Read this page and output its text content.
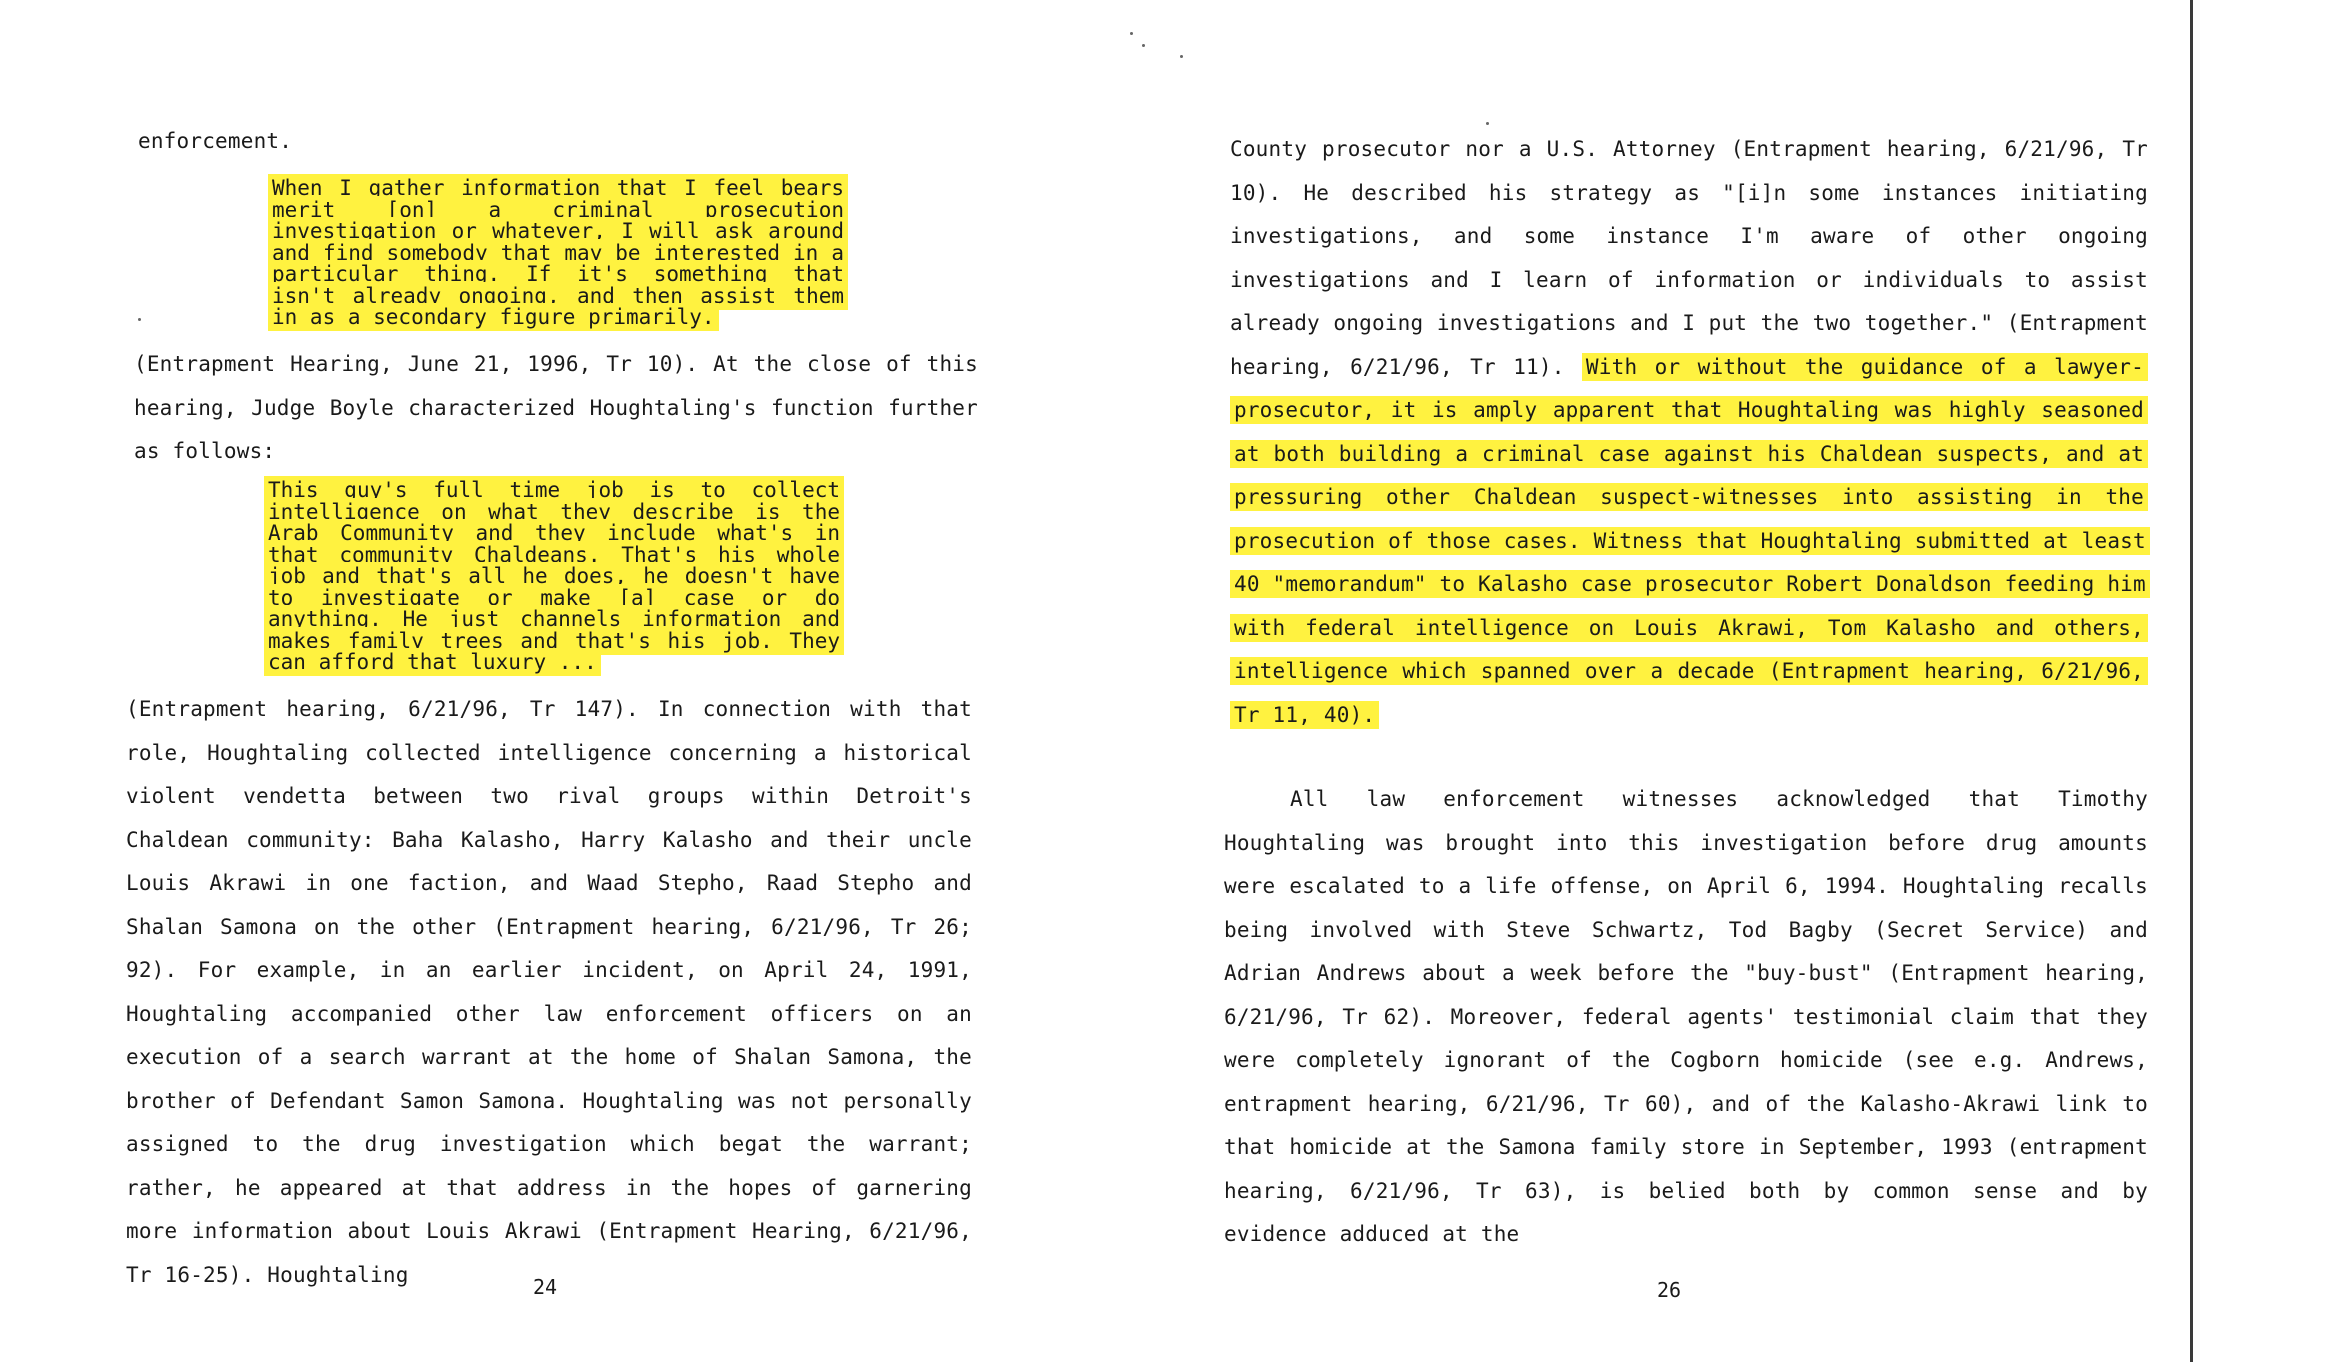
enforcement.

When I gather information that I feel bears merit [on] a criminal prosecution investigation or whatever, I will ask around and find somebody that may be interested in a particular thing. If it's something that isn't already ongoing, and then assist them in as a secondary figure primarily.

(Entrapment Hearing, June 21, 1996, Tr 10). At the close of this hearing, Judge Boyle characterized Houghtaling's function further as follows:

This guy's full time job is to collect intelligence on what they describe is the Arab Community and they include what's in that community Chaldeans. That's his whole job and that's all he does, he doesn't have to investigate or make [a] case or do anything. He just channels information and makes family trees and that's his job. They can afford that luxury ...

(Entrapment hearing, 6/21/96, Tr 147). In connection with that role, Houghtaling collected intelligence concerning a historical violent vendetta between two rival groups within Detroit's Chaldean community: Baha Kalasho, Harry Kalasho and their uncle Louis Akrawi in one faction, and Waad Stepho, Raad Stepho and Shalan Samona on the other (Entrapment hearing, 6/21/96, Tr 26; 92). For example, in an earlier incident, on April 24, 1991, Houghtaling accompanied other law enforcement officers on an execution of a search warrant at the home of Shalan Samona, the brother of Defendant Samon Samona. Houghtaling was not personally assigned to the drug investigation which begat the warrant; rather, he appeared at that address in the hopes of garnering more information about Louis Akrawi (Entrapment Hearing, 6/21/96, Tr 16-25). Houghtaling

24

County prosecutor nor a U.S. Attorney (Entrapment hearing, 6/21/96, Tr 10). He described his strategy as "[i]n some instances initiating investigations, and some instance I'm aware of other ongoing investigations and I learn of information or individuals to assist already ongoing investigations and I put the two together." (Entrapment hearing, 6/21/96, Tr 11). With or without the guidance of a lawyer-prosecutor, it is amply apparent that Houghtaling was highly seasoned at both building a criminal case against his Chaldean suspects, and at pressuring other Chaldean suspect-witnesses into assisting in the prosecution of those cases. Witness that Houghtaling submitted at least 40 "memorandum" to Kalasho case prosecutor Robert Donaldson feeding him with federal intelligence on Louis Akrawi, Tom Kalasho and others, intelligence which spanned over a decade (Entrapment hearing, 6/21/96, Tr 11, 40).

All law enforcement witnesses acknowledged that Timothy Houghtaling was brought into this investigation before drug amounts were escalated to a life offense, on April 6, 1994. Houghtaling recalls being involved with Steve Schwartz, Tod Bagby (Secret Service) and Adrian Andrews about a week before the "buy-bust" (Entrapment hearing, 6/21/96, Tr 62). Moreover, federal agents' testimonial claim that they were completely ignorant of the Cogborn homicide (see e.g. Andrews, entrapment hearing, 6/21/96, Tr 60), and of the Kalasho-Akrawi link to that homicide at the Samona family store in September, 1993 (entrapment hearing, 6/21/96, Tr 63), is belied both by common sense and by evidence adduced at the

26
